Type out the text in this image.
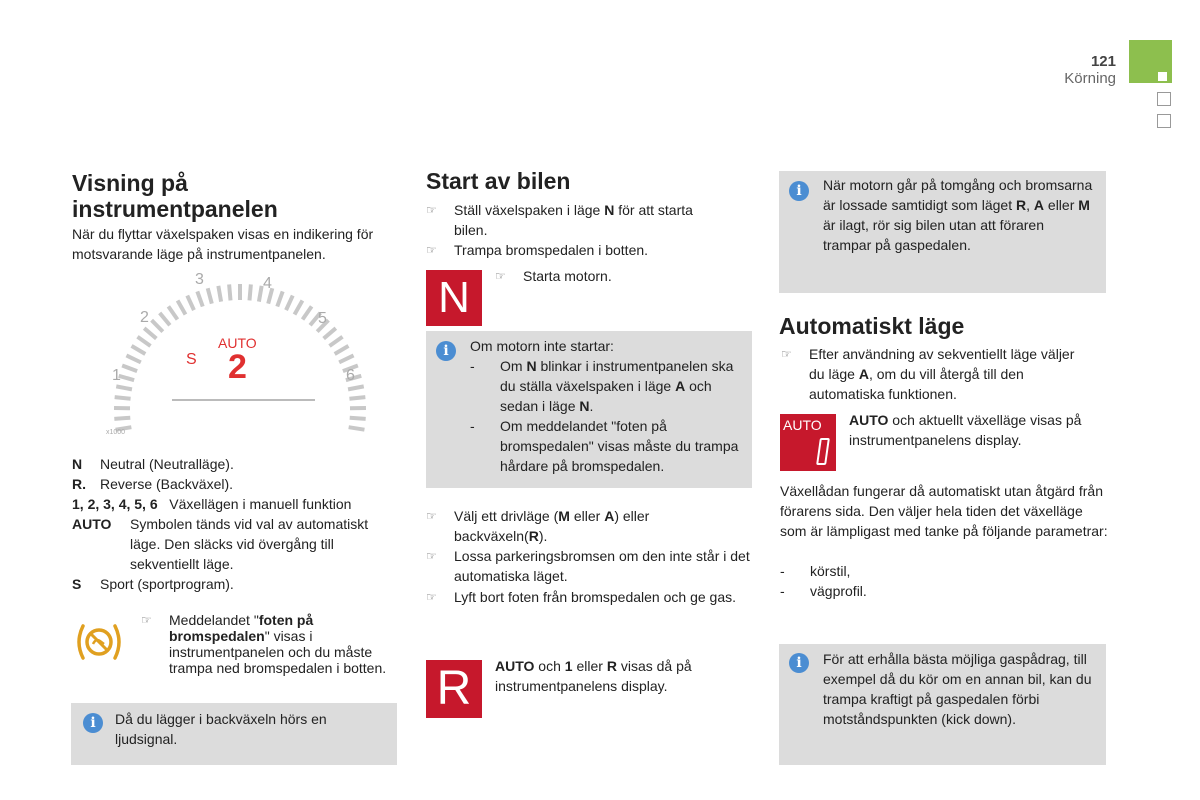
121
Körning
Visning på
instrumentpanelen
När du flyttar växelspaken visas en indikering för motsvarande läge på instrumentpanelen.
3	4
2	5
1	6
AUTO
S 2
x1000
N Neutral (Neutralläge).
R. Reverse (Backväxel).
1, 2, 3, 4, 5, 6 Växellägen i manuell funktion
AUTO Symbolen tänds vid val av automatiskt
läge. Den släcks vid övergång till
sekventiellt läge.
S Sport (sportprogram).
☞ Meddelandet "foten på bromspedalen" visas i instrumentpanelen och du måste trampa ned bromspedalen i botten.
i	Då du lägger i backväxeln hörs en ljudsignal.
Start av bilen
☞ Ställ växelspaken i läge N för att starta bilen.
☞ Trampa bromspedalen i botten.
N	☞ Starta motorn.
i	Om motorn inte startar:
- Om N blinkar i instrumentpanelen ska du ställa växelspaken i läge A och sedan i läge N.
- Om meddelandet "foten på bromspedalen" visas måste du trampa hårdare på bromspedalen.
☞ Välj ett drivläge (M eller A) eller backväxeln(R).
☞ Lossa parkeringsbromsen om den inte står i det automatiska läget.
☞ Lyft bort foten från bromspedalen och ge gas.
R	AUTO och 1 eller R visas då på instrumentpanelens display.
i	När motorn går på tomgång och bromsarna är lossade samtidigt som läget R, A eller M är ilagt, rör sig bilen utan att föraren trampar på gaspedalen.
Automatiskt läge
☞ Efter användning av sekventiellt läge väljer du läge A, om du vill återgå till den automatiska funktionen.
AUTO AUTO och aktuellt växelläge visas på instrumentpanelens display.
Växellådan fungerar då automatiskt utan åtgärd från förarens sida. Den väljer hela tiden det växelläge som är lämpligast med tanke på följande parametrar:
- körstil,
- vägprofil.
i	För att erhålla bästa möjliga gaspådrag, till exempel då du kör om en annan bil, kan du trampa kraftigt på gaspedalen förbi motståndspunkten (kick down).
